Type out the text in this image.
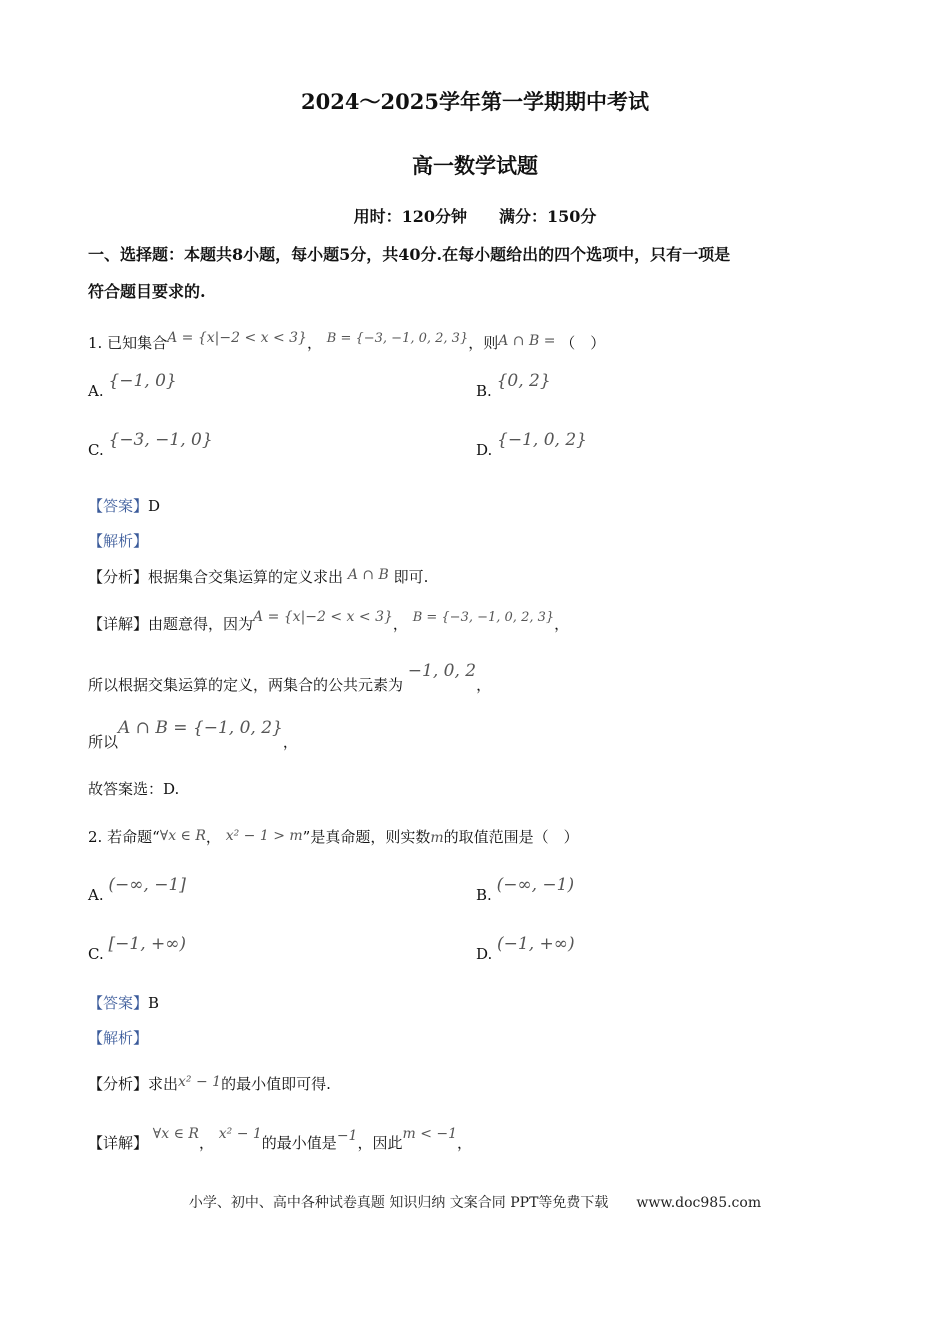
2024～2025学年第一学期期中考试
高一数学试题
用时：120分钟　　满分：150分
一、选择题：本题共8小题，每小题5分，共40分.在每小题给出的四个选项中，只有一项是
符合题目要求的.
1. 已知集合A = {x|−2 < x < 3}， B = {−3, −1, 0, 2, 3}，则A ∩ B = （　）
A. {−1, 0}	B. {0, 2}
C. {−3, −1, 0}	D. {−1, 0, 2}
【答案】D
【解析】
【分析】根据集合交集运算的定义求出 A ∩ B 即可.
【详解】由题意得，因为A = {x|−2 < x < 3}， B = {−3, −1, 0, 2, 3}，
所以根据交集运算的定义，两集合的公共元素为 −1, 0, 2，
所以A ∩ B = {−1, 0, 2}，
故答案选：D.
2. 若命题“∀x ∈ R， x² − 1 > m”是真命题，则实数m的取值范围是（　）
A. (−∞, −1]	B. (−∞, −1)
C. [−1, +∞)	D. (−1, +∞)
【答案】B
【解析】
【分析】求出x² − 1的最小值即可得.
【详解】 ∀x ∈ R， x² − 1的最小值是−1，因此m < −1，
小学、初中、高中各种试卷真题 知识归纳 文案合同 PPT等免费下载　　www.doc985.com
